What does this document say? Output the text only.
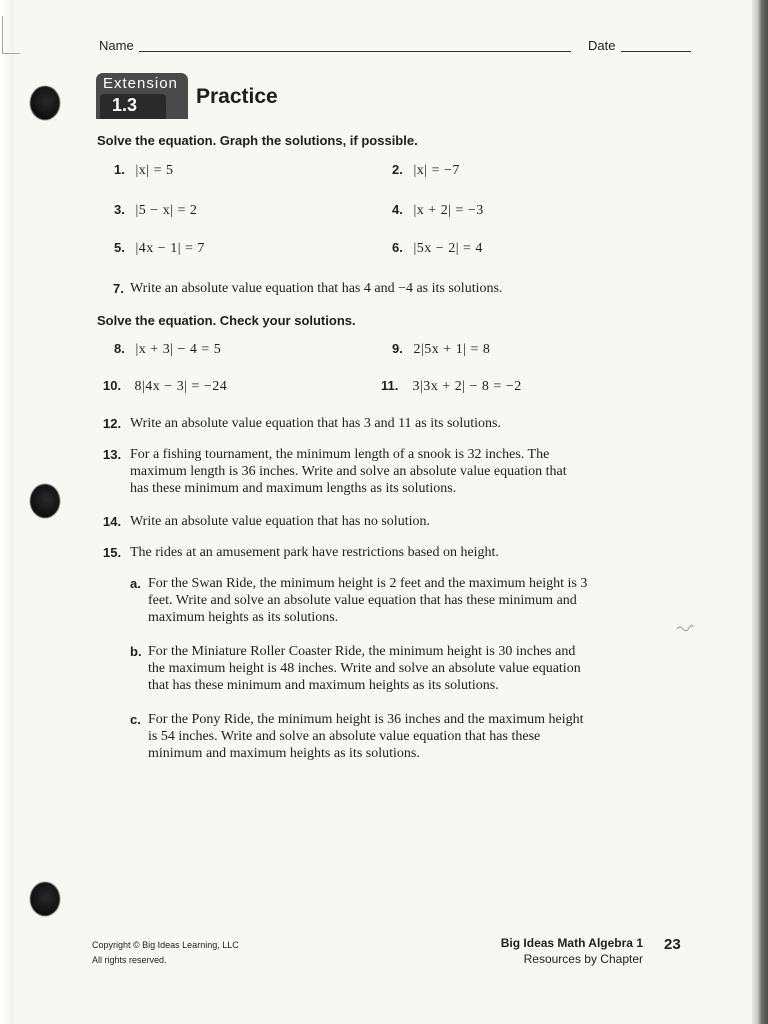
Name	Date
Extension
1.3	Practice
Solve the equation. Graph the solutions, if possible.
1. |x| = 5	2. |x| = −7
3. |5 − x| = 2	4. |x + 2| = −3
5. |4x − 1| = 7	6. |5x − 2| = 4
7. Write an absolute value equation that has 4 and −4 as its solutions.
Solve the equation. Check your solutions.
8. |x + 3| − 4 = 5	9. 2|5x + 1| = 8
10. 8|4x − 3| = −24	11. 3|3x + 2| − 8 = −2
12. Write an absolute value equation that has 3 and 11 as its solutions.
13. For a fishing tournament, the minimum length of a snook is 32 inches. The maximum length is 36 inches. Write and solve an absolute value equation that has these minimum and maximum lengths as its solutions.
14. Write an absolute value equation that has no solution.
15. The rides at an amusement park have restrictions based on height.
a. For the Swan Ride, the minimum height is 2 feet and the maximum height is 3 feet. Write and solve an absolute value equation that has these minimum and maximum heights as its solutions.
b. For the Miniature Roller Coaster Ride, the minimum height is 30 inches and the maximum height is 48 inches. Write and solve an absolute value equation that has these minimum and maximum heights as its solutions.
c. For the Pony Ride, the minimum height is 36 inches and the maximum height is 54 inches. Write and solve an absolute value equation that has these minimum and maximum heights as its solutions.
Copyright © Big Ideas Learning, LLC
All rights reserved.
Big Ideas Math Algebra 1
Resources by Chapter
23
